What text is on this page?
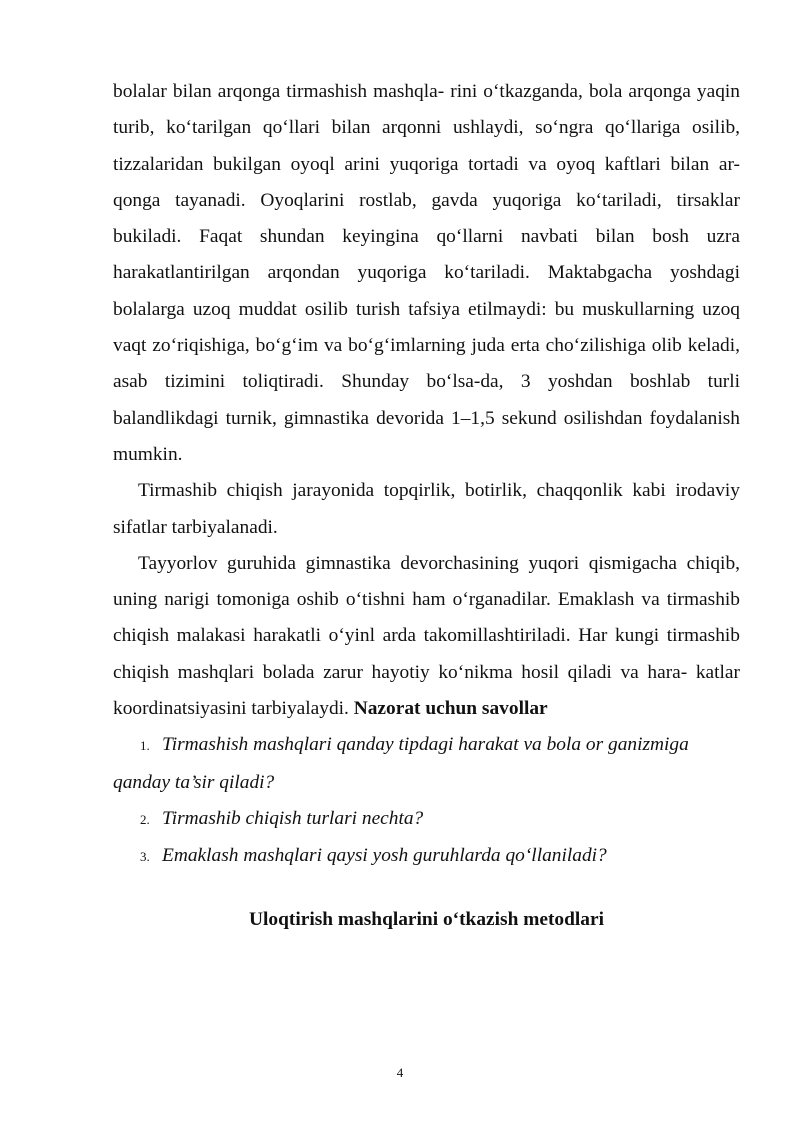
bolalar bilan arqonga tirmashish mashqla- rini o‘tkazganda, bola arqonga yaqin turib, ko‘tarilgan qo‘llari bilan arqonni ushlaydi, so‘ngra qo‘llariga osilib, tizzalaridan bukilgan oyoql arini yuqoriga tortadi va oyoq kaftlari bilan ar- qonga tayanadi. Oyoqlarini rostlab, gavda yuqoriga ko‘tariladi, tirsaklar bukiladi. Faqat shundan keyingina qo‘llarni navbati bilan bosh uzra harakatlantirilgan arqondan yuqoriga ko‘tariladi. Maktabgacha yoshdagi bolalarga uzoq muddat osilib turish tafsiya etilmaydi: bu muskullarning uzoq vaqt zo‘riqishiga, bo‘g‘im va bo‘g‘imlarning juda erta cho‘zilishiga olib keladi, asab tizimini toliqtiradi. Shunday bo‘lsa-da, 3 yoshdan boshlab turli balandlikdagi turnik, gimnastika devorida 1–1,5 sekund osilishdan foydalanish mumkin.

Tirmashib chiqish jarayonida topqirlik, botirlik, chaqqonlik kabi irodaviy sifatlar tarbiyalanadi.

Tayyorlov guruhida gimnastika devorchasining yuqori qismigacha chiqib, uning narigi tomoniga oshib o‘tishni ham o‘rganadilar. Emaklash va tirmashib chiqish malakasi harakatli o‘yinl arda takomillashtiriladi. Har kungi tirmashib chiqish mashqlari bolada zarur hayotiy ko‘nikma hosil qiladi va hara- katlar koordinatsiyasini tarbiyalaydi. Nazorat uchun savollar

1. Tirmashish mashqlari qanday tipdagi harakat va bola or ganizmiga qanday ta’sir qiladi?
2. Tirmashib chiqish turlari nechta?
3. Emaklash mashqlari qaysi yosh guruhlarda qo‘llaniladi?

Uloqtirish mashqlarini o‘tkazish metodlari

4
